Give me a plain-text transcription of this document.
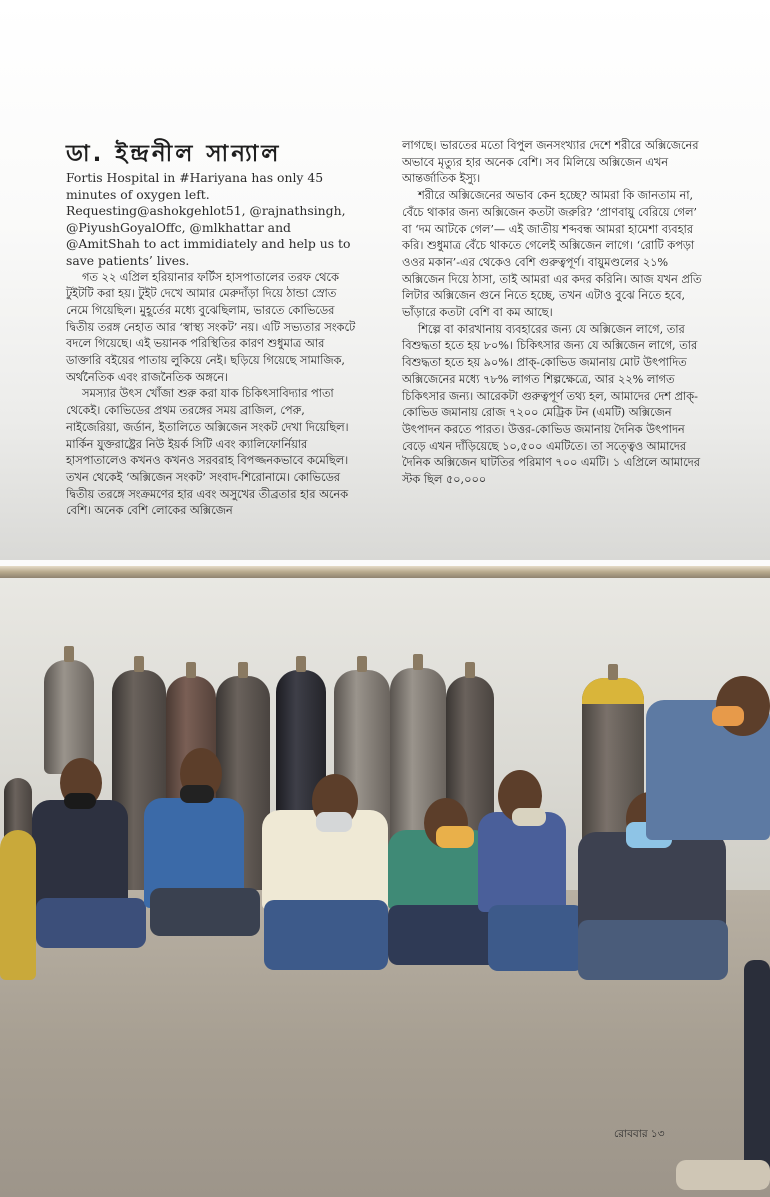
ডা. ইন্দ্রনীল সান্যাল

Fortis Hospital in #Hariyana has only 45 minutes of oxygen left. Requesting@ashokgehlot51, @rajnathsingh, @PiyushGoyalOffc, @mlkhattar and @AmitShah to act immidiately and help us to save patients’ lives.

গত ২২ এপ্রিল হরিয়ানার ফর্টিস হাসপাতালের তরফ থেকে টুইটটি করা হয়। টুইট দেখে আমার মেরুদাঁড়া দিয়ে ঠান্ডা স্রোত নেমে গিয়েছিল। মুহূর্তের মধ্যে বুঝেছিলাম, ভারতে কোভিডের দ্বিতীয় তরঙ্গ নেহাত আর ‘স্বাস্থ্য সংকট’ নয়। এটি সভ্যতার সংকটে বদলে গিয়েছে। এই ভয়ানক পরিস্থিতির কারণ শুধুমাত্র আর ডাক্তারি বইয়ের পাতায় লুকিয়ে নেই। ছড়িয়ে গিয়েছে সামাজিক, অর্থনৈতিক এবং রাজনৈতিক অঙ্গনে।

সমস্যার উৎস খোঁজা শুরু করা যাক চিকিৎসাবিদ্যার পাতা থেকেই। কোভিডের প্রথম তরঙ্গের সময় ব্রাজিল, পেরু, নাইজেরিয়া, জর্ডান, ইতালিতে অক্সিজেন সংকট দেখা দিয়েছিল। মার্কিন যুক্তরাষ্ট্রের নিউ ইয়র্ক সিটি এবং ক্যালিফোর্নিয়ার হাসপাতালেও কখনও কখনও সরবরাহ বিপজ্জনকভাবে কমেছিল। তখন থেকেই ‘অক্সিজেন সংকট’ সংবাদ-শিরোনামে। কোভিডের দ্বিতীয় তরঙ্গে সংক্রমণের হার এবং অসুখের তীব্রতার হার অনেক বেশি। অনেক বেশি লোকের অক্সিজেন

লাগছে। ভারতের মতো বিপুল জনসংখ্যার দেশে শরীরে অক্সিজেনের অভাবে মৃত্যুর হার অনেক বেশি। সব মিলিয়ে অক্সিজেন এখন আন্তর্জাতিক ইস্যু।

শরীরে অক্সিজেনের অভাব কেন হচ্ছে? আমরা কি জানতাম না, বেঁচে থাকার জন্য অক্সিজেন কতটা জরুরি? ‘প্রাণবায়ু বেরিয়ে গেল’ বা ‘দম আটকে গেল’— এই জাতীয় শব্দবন্ধ আমরা হামেশা ব্যবহার করি। শুধুমাত্র বেঁচে থাকতে গেলেই অক্সিজেন লাগে। ‘রোটি কপড়া ওওর মকান’-এর থেকেও বেশি গুরুত্বপূর্ণ। বায়ুমণ্ডলের ২১% অক্সিজেন দিয়ে ঠাসা, তাই আমরা এর কদর করিনি। আজ যখন প্রতি লিটার অক্সিজেন গুনে নিতে হচ্ছে, তখন এটাও বুঝে নিতে হবে, ভাঁড়ারে কতটা বেশি বা কম আছে।

শিল্পে বা কারখানায় ব্যবহারের জন্য যে অক্সিজেন লাগে, তার বিশুদ্ধতা হতে হয় ৮০%। চিকিৎসার জন্য যে অক্সিজেন লাগে, তার বিশুদ্ধতা হতে হয় ৯০%। প্রাক্-কোভিড জমানায় মোট উৎপাদিত অক্সিজেনের মধ্যে ৭৮% লাগত শিল্পক্ষেত্রে, আর ২২% লাগত চিকিৎসার জন্য। আরেকটা গুরুত্বপূর্ণ তথ্য হল, আমাদের দেশ প্রাক্-কোভিড জমানায় রোজ ৭২০০ মেট্রিক টন (এমটি) অক্সিজেন উৎপাদন করতে পারত। উত্তর-কোভিড জমানায় দৈনিক উৎপাদন বেড়ে এখন দাঁড়িয়েছে ১০,৫০০ এমটিতে। তা সত্ত্বেও আমাদের দৈনিক অক্সিজেন ঘাটতির পরিমাণ ৭০০ এমটি। ১ এপ্রিলে আমাদের স্টক ছিল ৫০,০০০

রোববার ১৩
